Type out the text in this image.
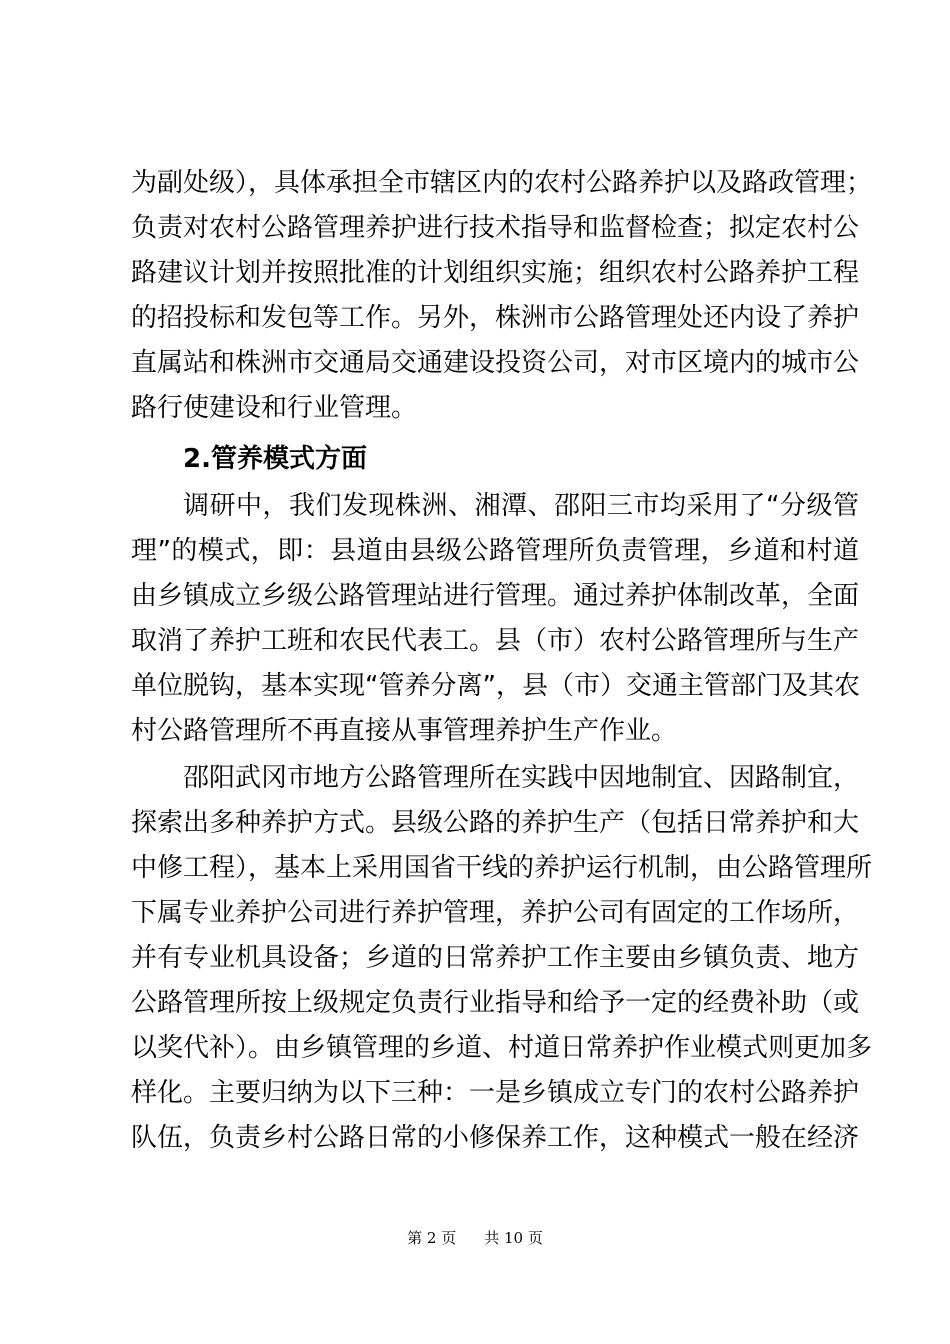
为副处级），具体承担全市辖区内的农村公路养护以及路政管理；
负责对农村公路管理养护进行技术指导和监督检查；拟定农村公
路建议计划并按照批准的计划组织实施；组织农村公路养护工程
的招投标和发包等工作。另外，株洲市公路管理处还内设了养护
直属站和株洲市交通局交通建设投资公司，对市区境内的城市公
路行使建设和行业管理。
2.管养模式方面
调研中，我们发现株洲、湘潭、邵阳三市均采用了“分级管
理”的模式，即：县道由县级公路管理所负责管理，乡道和村道
由乡镇成立乡级公路管理站进行管理。通过养护体制改革，全面
取消了养护工班和农民代表工。县（市）农村公路管理所与生产
单位脱钩，基本实现“管养分离”，县（市）交通主管部门及其农
村公路管理所不再直接从事管理养护生产作业。
邵阳武冈市地方公路管理所在实践中因地制宜、因路制宜，
探索出多种养护方式。县级公路的养护生产（包括日常养护和大
中修工程），基本上采用国省干线的养护运行机制，由公路管理所
下属专业养护公司进行养护管理，养护公司有固定的工作场所，
并有专业机具设备；乡道的日常养护工作主要由乡镇负责、地方
公路管理所按上级规定负责行业指导和给予一定的经费补助（或
以奖代补）。由乡镇管理的乡道、村道日常养护作业模式则更加多
样化。主要归纳为以下三种：一是乡镇成立专门的农村公路养护
队伍，负责乡村公路日常的小修保养工作，这种模式一般在经济
第 2 页 共 10 页
